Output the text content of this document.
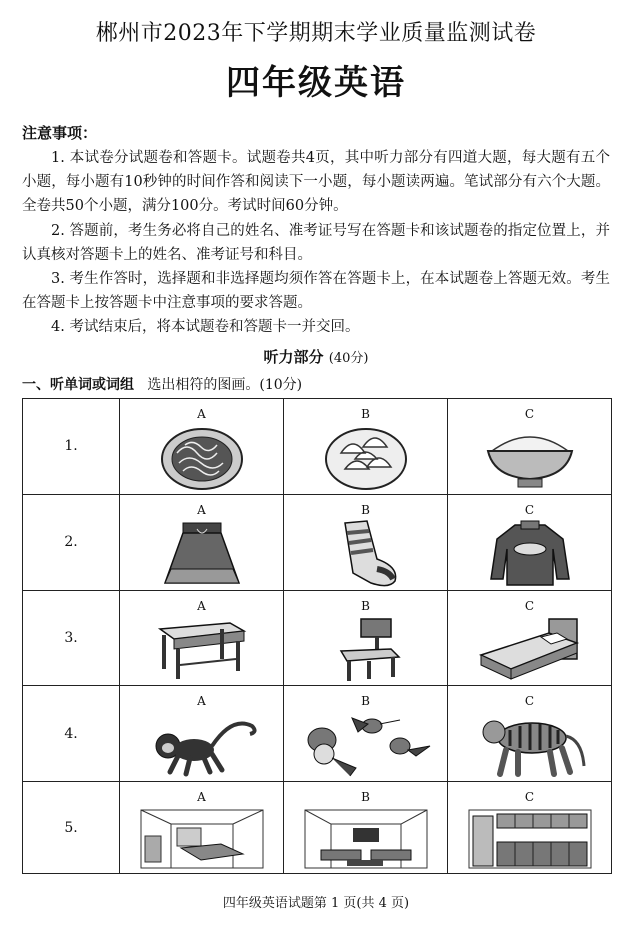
郴州市2023年下学期期末学业质量监测试卷
四年级英语
注意事项：

1. 本试卷分试题卷和答题卡。试题卷共4页，其中听力部分有四道大题，每大题有五个小题，每小题有10秒钟的时间作答和阅读下一小题，每小题读两遍。笔试部分有六个大题。全卷共50个小题，满分100分。考试时间60分钟。

2. 答题前，考生务必将自己的姓名、准考证号写在答题卡和该试题卷的指定位置上，并认真核对答题卡上的姓名、准考证号和科目。

3. 考生作答时，选择题和非选择题均须作答在答题卡上，在本试题卷上答题无效。考生在答题卡上按答题卡中注意事项的要求答题。

4. 考试结束后，将本试题卷和答题卡一并交回。

听力部分 (40分)
一、听单词或词组 选出相符的图画。(10分)
1.	A	B	C

2.	A	B	C

3.	A	B	C

4.	A	B	C

5.	A	B	C
四年级英语试题第 1 页(共 4 页)
